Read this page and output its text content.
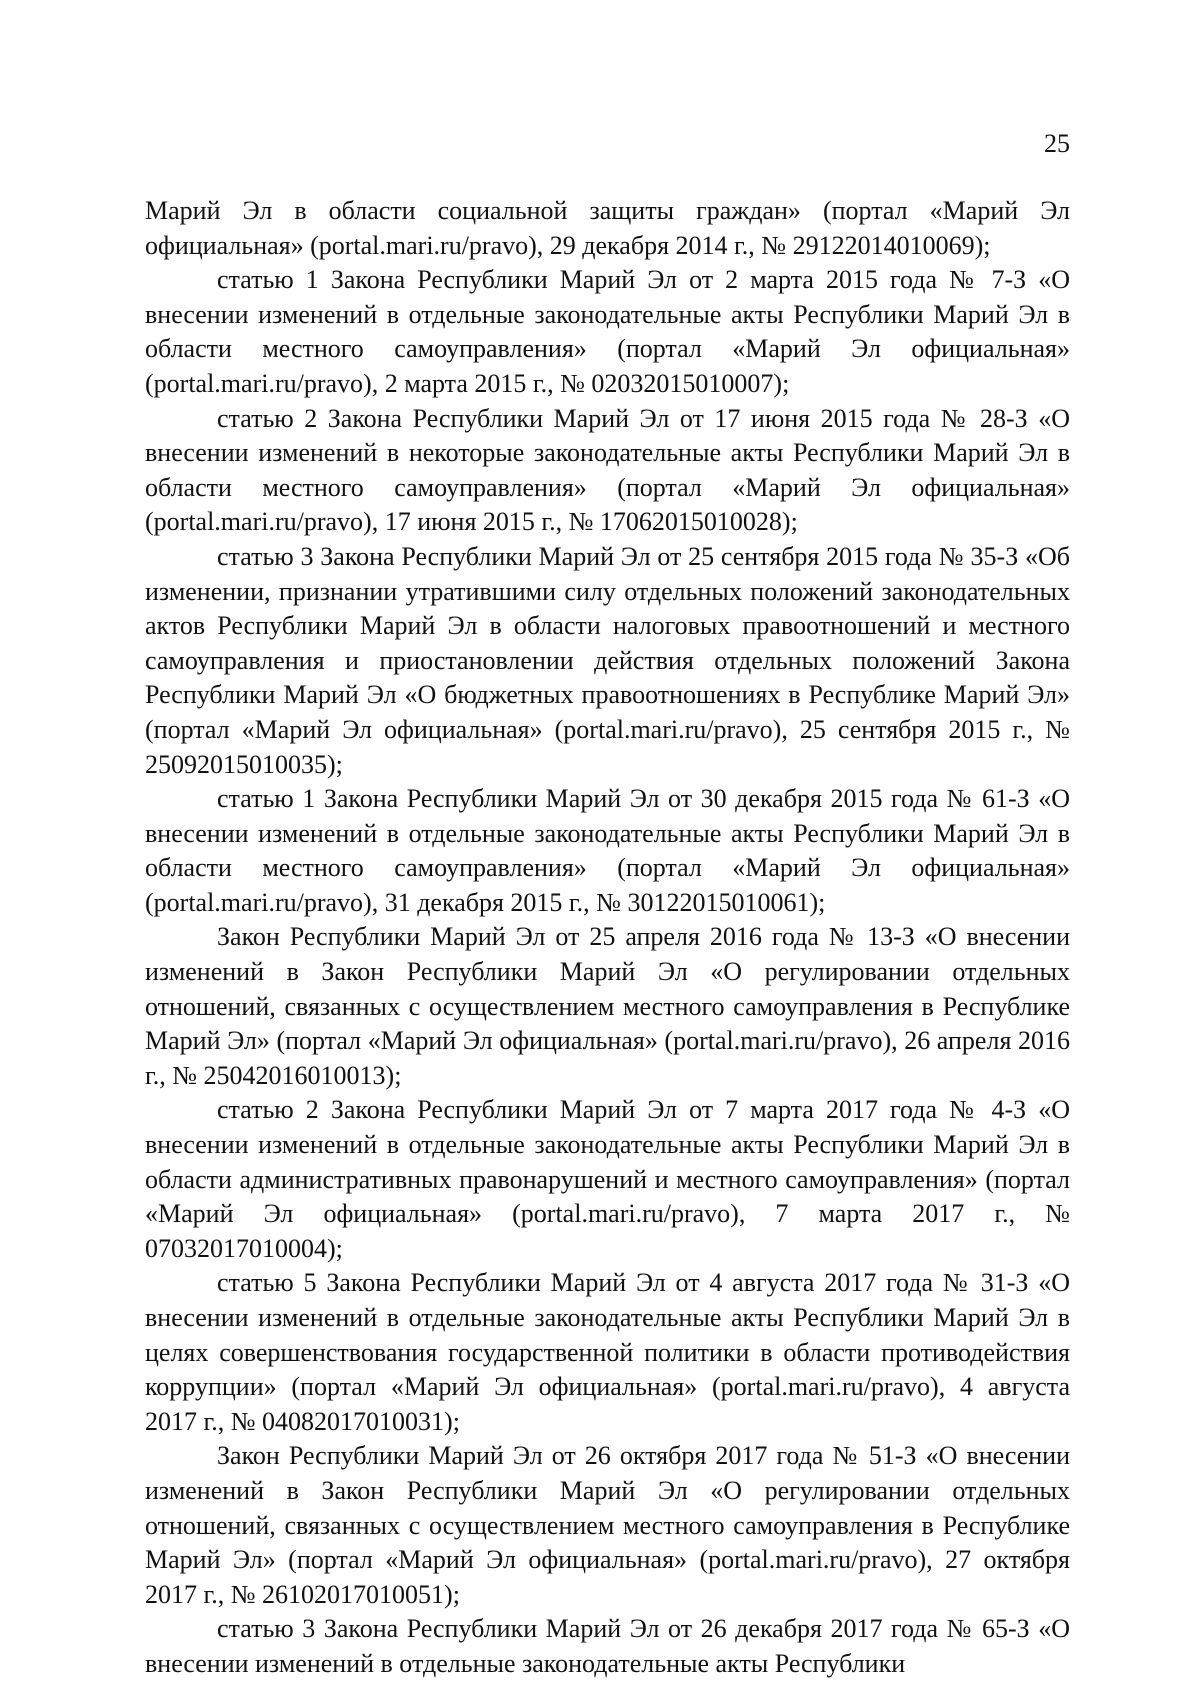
25

Марий Эл в области социальной защиты граждан» (портал «Марий Эл официальная» (portal.mari.ru/pravo), 29 декабря 2014 г., № 29122014010069);

статью 1 Закона Республики Марий Эл от 2 марта 2015 года № 7-З «О внесении изменений в отдельные законодательные акты Республики Марий Эл в области местного самоуправления» (портал «Марий Эл официальная» (portal.mari.ru/pravo), 2 марта 2015 г., № 02032015010007);

статью 2 Закона Республики Марий Эл от 17 июня 2015 года № 28-З «О внесении изменений в некоторые законодательные акты Республики Марий Эл в области местного самоуправления» (портал «Марий Эл официальная» (portal.mari.ru/pravo), 17 июня 2015 г., № 17062015010028);

статью 3 Закона Республики Марий Эл от 25 сентября 2015 года № 35-З «Об изменении, признании утратившими силу отдельных положений законодательных актов Республики Марий Эл в области налоговых правоотношений и местного самоуправления и приостановлении действия отдельных положений Закона Республики Марий Эл «О бюджетных правоотношениях в Республике Марий Эл» (портал «Марий Эл официальная» (portal.mari.ru/pravo), 25 сентября 2015 г., № 25092015010035);

статью 1 Закона Республики Марий Эл от 30 декабря 2015 года № 61-З «О внесении изменений в отдельные законодательные акты Республики Марий Эл в области местного самоуправления» (портал «Марий Эл официальная» (portal.mari.ru/pravo), 31 декабря 2015 г., № 30122015010061);

Закон Республики Марий Эл от 25 апреля 2016 года № 13-З «О внесении изменений в Закон Республики Марий Эл «О регулировании отдельных отношений, связанных с осуществлением местного самоуправления в Республике Марий Эл» (портал «Марий Эл официальная» (portal.mari.ru/pravo), 26 апреля 2016 г., № 25042016010013);

статью 2 Закона Республики Марий Эл от 7 марта 2017 года № 4-З «О внесении изменений в отдельные законодательные акты Республики Марий Эл в области административных правонарушений и местного самоуправления» (портал «Марий Эл официальная» (portal.mari.ru/pravo), 7 марта 2017 г., № 07032017010004);

статью 5 Закона Республики Марий Эл от 4 августа 2017 года № 31-З «О внесении изменений в отдельные законодательные акты Республики Марий Эл в целях совершенствования государственной политики в области противодействия коррупции» (портал «Марий Эл официальная» (portal.mari.ru/pravo), 4 августа 2017 г., № 04082017010031);

Закон Республики Марий Эл от 26 октября 2017 года № 51-З «О внесении изменений в Закон Республики Марий Эл «О регулировании отдельных отношений, связанных с осуществлением местного самоуправления в Республике Марий Эл» (портал «Марий Эл официальная» (portal.mari.ru/pravo), 27 октября 2017 г., № 26102017010051);

статью 3 Закона Республики Марий Эл от 26 декабря 2017 года № 65-З «О внесении изменений в отдельные законодательные акты Республики
